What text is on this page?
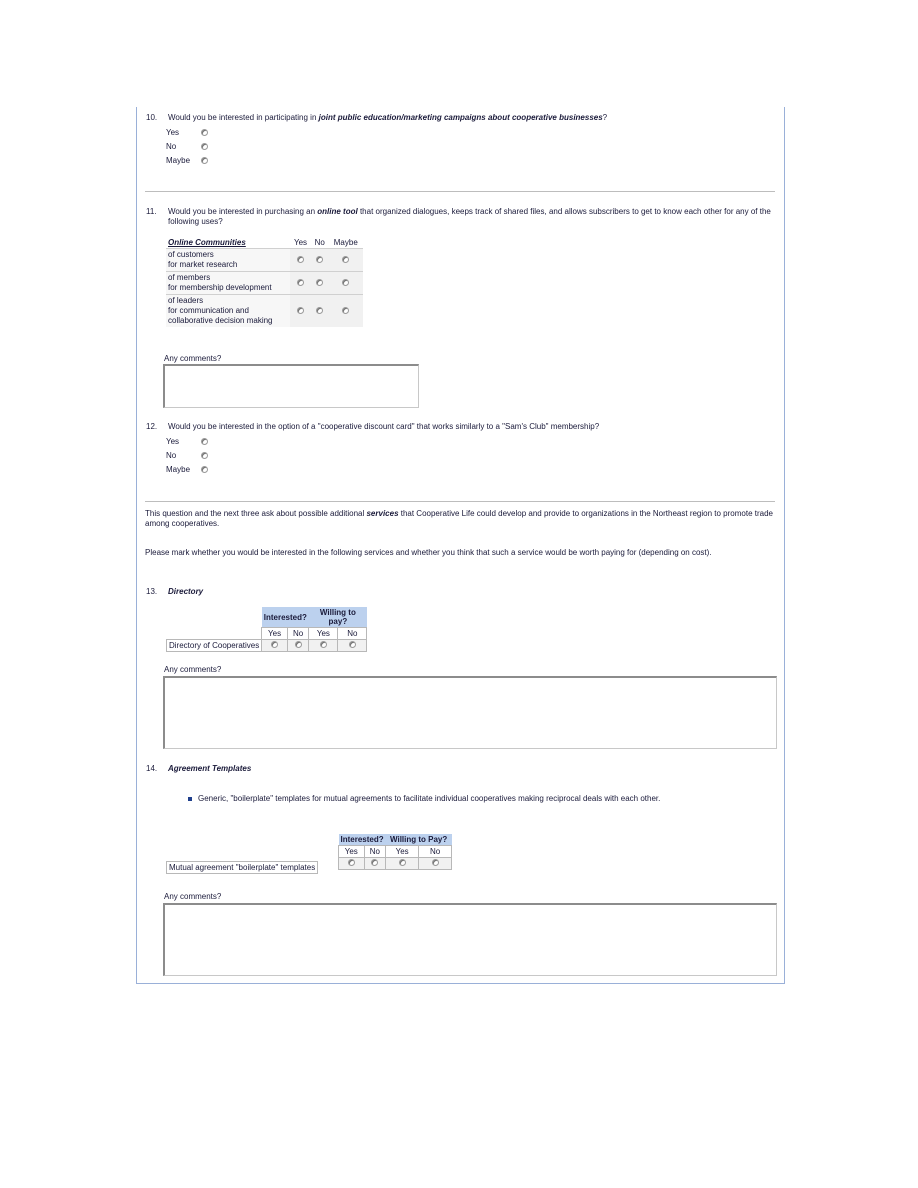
10. Would you be interested in participating in joint public education/marketing campaigns about cooperative businesses?
Yes
No
Maybe
11. Would you be interested in purchasing an online tool that organized dialogues, keeps track of shared files, and allows subscribers to get to know each other for any of the following uses?
Online Communities	Yes	No	Maybe

of customers
for market research			

of members
for membership development			

of leaders
for communication and
collaborative decision making			

Any comments?
12. Would you be interested in the option of a "cooperative discount card" that works similarly to a "Sam's Club" membership?
Yes
No
Maybe
This question and the next three ask about possible additional services that Cooperative Life could develop and provide to organizations in the Northeast region to promote trade among cooperatives.
Please mark whether you would be interested in the following services and whether you think that such a service would be worth paying for (depending on cost).
13. Directory
	Interested?		Willing to pay?	
	Yes	No	Yes	No
Directory of Cooperatives				
Any comments?
14. Agreement Templates
Generic, "boilerplate" templates for mutual agreements to facilitate individual cooperatives making reciprocal deals with each other.
Interested?		Willing to Pay?	
Yes	No	Yes	No

Mutual agreement "boilerplate" templates
Any comments?
